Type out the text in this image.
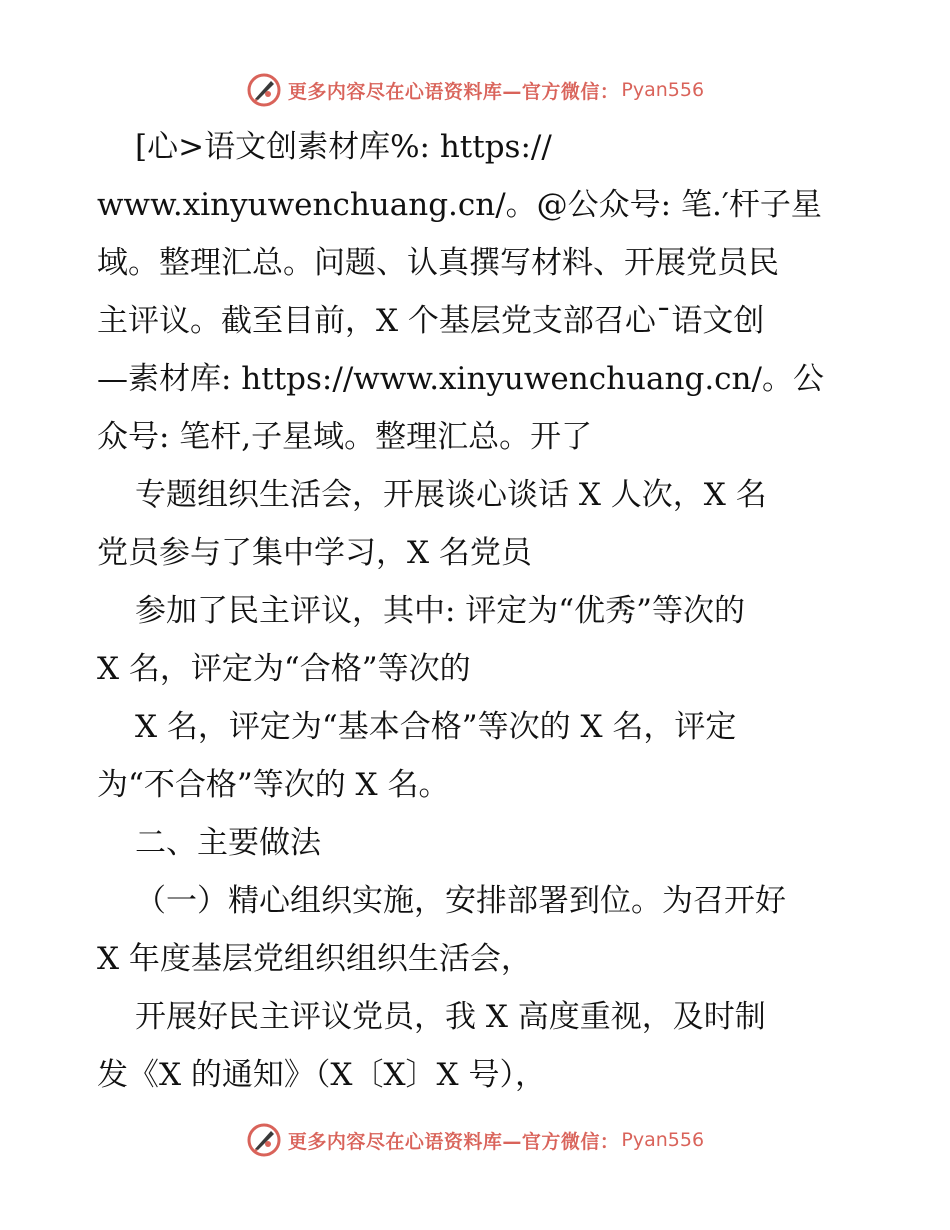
更多内容尽在心语资料库—官方微信： Pyan556
[心>语文创素材库%: https://
www.xinyuwenchuang.cn/。@公众号: 笔.′杆子星
域。整理汇总。问题、认真撰写材料、开展党员民
主评议。截至目前，X 个基层党支部召心¯语文创
—素材库: https://www.xinyuwenchuang.cn/。公
众号: 笔杆,子星域。整理汇总。开了
专题组织生活会，开展谈心谈话 X 人次，X 名
党员参与了集中学习，X 名党员
参加了民主评议，其中: 评定为“优秀”等次的
X 名，评定为“合格”等次的
X 名，评定为“基本合格”等次的 X 名，评定
为“不合格”等次的 X 名。
二、主要做法
（一）精心组织实施，安排部署到位。为召开好
X 年度基层党组织组织生活会，
开展好民主评议党员，我 X 高度重视，及时制
发《X 的通知》（X〔X〕X 号），
更多内容尽在心语资料库—官方微信： Pyan556
